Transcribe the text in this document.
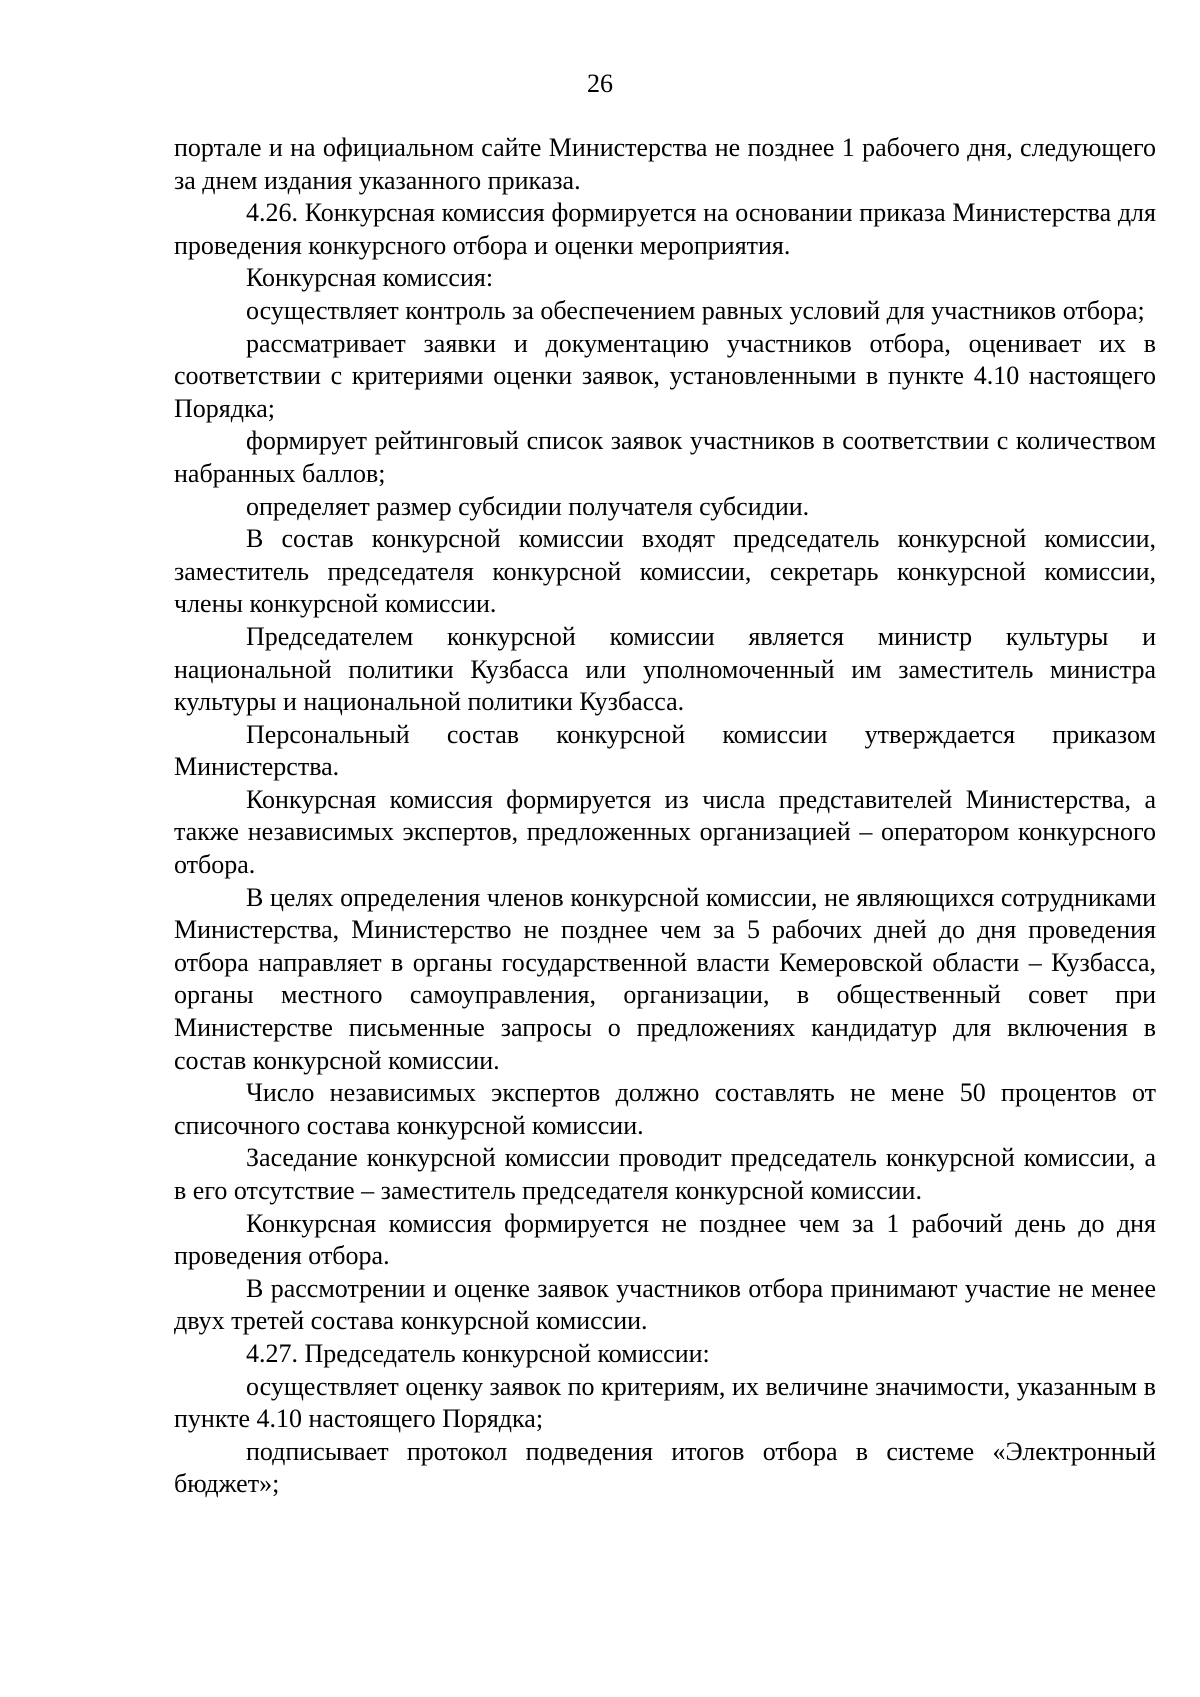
26

портале и на официальном сайте Министерства не позднее 1 рабочего дня, следующего за днем издания указанного приказа.

4.26. Конкурсная комиссия формируется на основании приказа Министерства для проведения конкурсного отбора и оценки мероприятия.

Конкурсная комиссия:

осуществляет контроль за обеспечением равных условий для участников отбора;

рассматривает заявки и документацию участников отбора, оценивает их в соответствии с критериями оценки заявок, установленными в пункте 4.10 настоящего Порядка;

формирует рейтинговый список заявок участников в соответствии с количеством набранных баллов;

определяет размер субсидии получателя субсидии.

В состав конкурсной комиссии входят председатель конкурсной комиссии, заместитель председателя конкурсной комиссии, секретарь конкурсной комиссии, члены конкурсной комиссии.

Председателем конкурсной комиссии является министр культуры и национальной политики Кузбасса или уполномоченный им заместитель министра культуры и национальной политики Кузбасса.

Персональный состав конкурсной комиссии утверждается приказом Министерства.

Конкурсная комиссия формируется из числа представителей Министерства, а также независимых экспертов, предложенных организацией – оператором конкурсного отбора.

В целях определения членов конкурсной комиссии, не являющихся сотрудниками Министерства, Министерство не позднее чем за 5 рабочих дней до дня проведения отбора направляет в органы государственной власти Кемеровской области – Кузбасса, органы местного самоуправления, организации, в общественный совет при Министерстве письменные запросы о предложениях кандидатур для включения в состав конкурсной комиссии.

Число независимых экспертов должно составлять не мене 50 процентов от списочного состава конкурсной комиссии.

Заседание конкурсной комиссии проводит председатель конкурсной комиссии, а в его отсутствие – заместитель председателя конкурсной комиссии.

Конкурсная комиссия формируется не позднее чем за 1 рабочий день до дня проведения отбора.

В рассмотрении и оценке заявок участников отбора принимают участие не менее двух третей состава конкурсной комиссии.

4.27. Председатель конкурсной комиссии:

осуществляет оценку заявок по критериям, их величине значимости, указанным в пункте 4.10 настоящего Порядка;

подписывает протокол подведения итогов отбора в системе «Электронный бюджет»;
